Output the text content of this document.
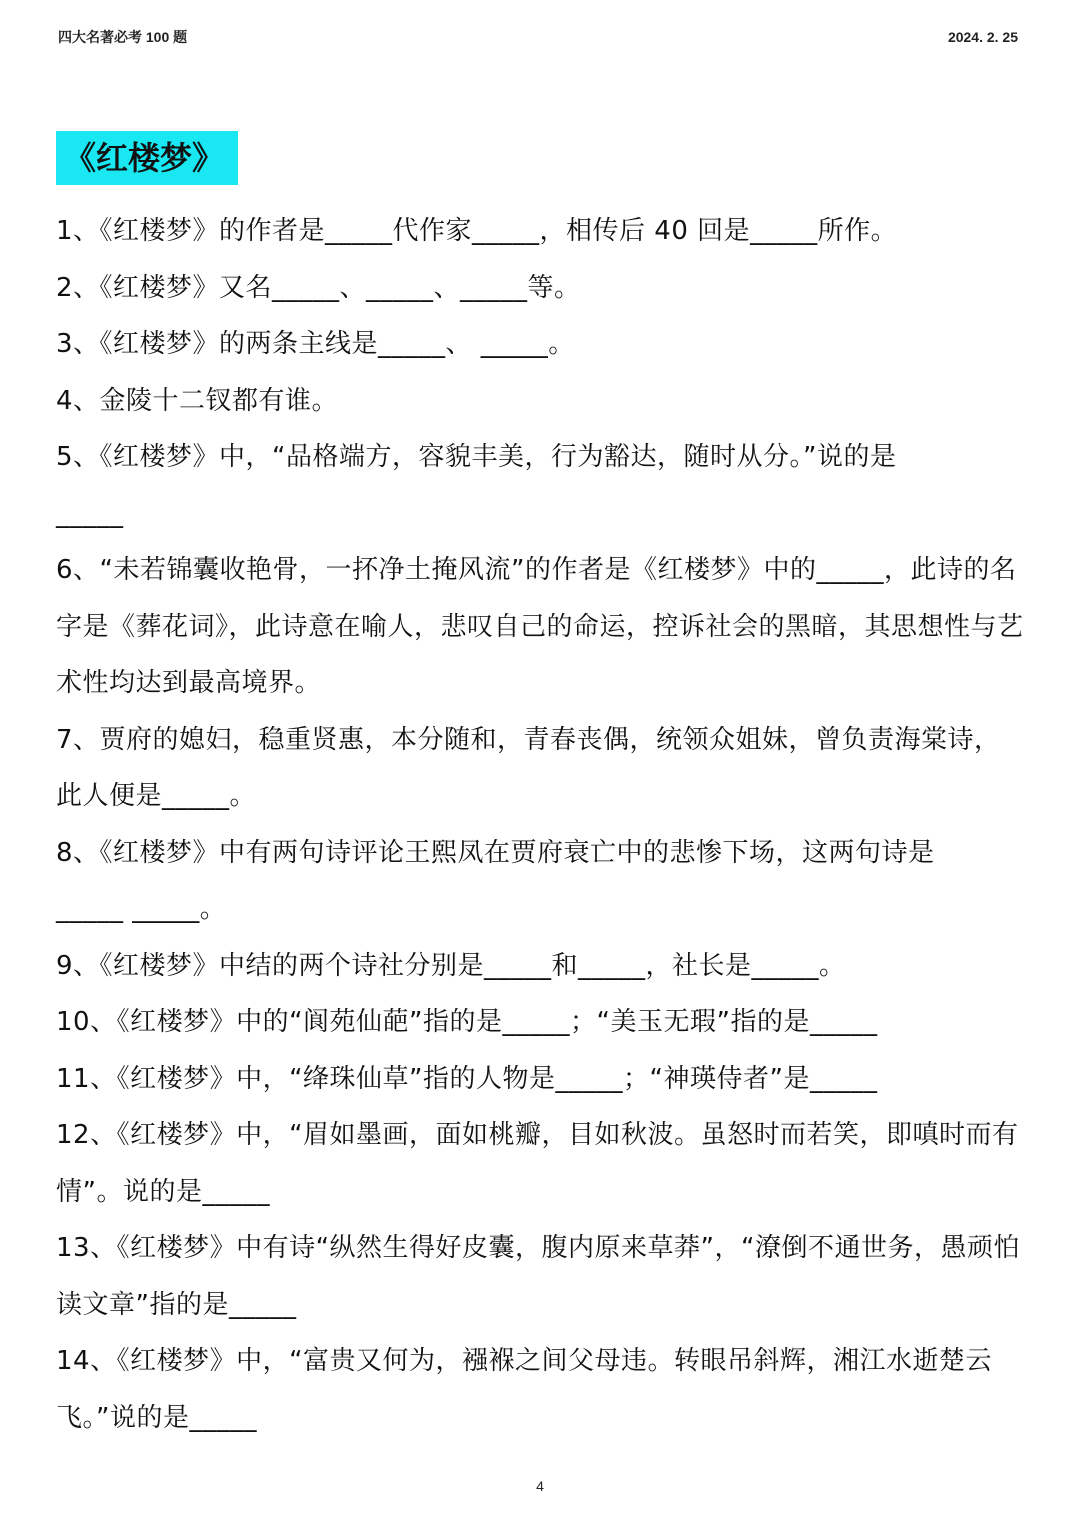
四大名著必考 100 题	2024. 2. 25
《红楼梦》
1、《红楼梦》的作者是_____代作家_____，相传后 40 回是_____所作。
2、《红楼梦》又名_____、_____、_____等。
3、《红楼梦》的两条主线是_____、 _____。
4、金陵十二钗都有谁。
5、《红楼梦》中，“品格端方，容貌丰美，行为豁达，随时从分。”说的是
_____
6、“未若锦囊收艳骨，一抔净土掩风流”的作者是《红楼梦》中的_____，此诗的名字是《葬花词》，此诗意在喻人，悲叹自己的命运，控诉社会的黑暗，其思想性与艺术性均达到最高境界。
7、贾府的媳妇，稳重贤惠，本分随和，青春丧偶，统领众姐妹，曾负责海棠诗，此人便是_____。
8、《红楼梦》中有两句诗评论王熙凤在贾府衰亡中的悲惨下场，这两句诗是
_____ _____。
9、《红楼梦》中结的两个诗社分别是_____和_____，社长是_____。
10、《红楼梦》中的“阆苑仙葩”指的是_____；“美玉无瑕”指的是_____
11、《红楼梦》中，“绛珠仙草”指的人物是_____；“神瑛侍者”是_____
12、《红楼梦》中，“眉如墨画，面如桃瓣，目如秋波。虽怒时而若笑，即嗔时而有情”。说的是_____
13、《红楼梦》中有诗“纵然生得好皮囊，腹内原来草莽”，“潦倒不通世务，愚顽怕读文章”指的是_____
14、《红楼梦》中，“富贵又何为，襁褓之间父母违。转眼吊斜辉，湘江水逝楚云飞。”说的是_____
4
